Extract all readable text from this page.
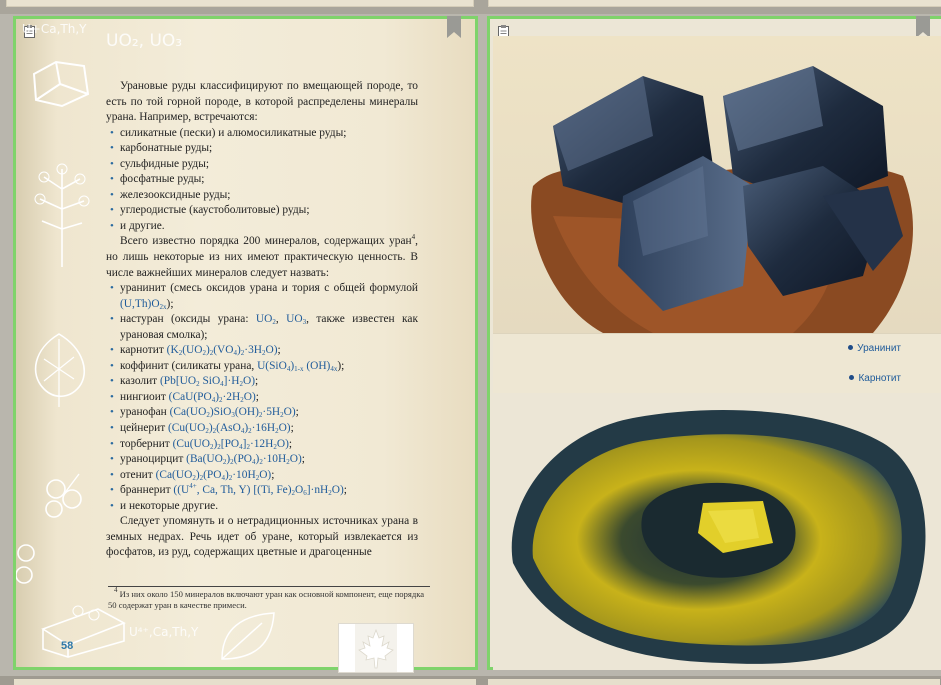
U+Ca,Th,Y
UO₂, UO₃
U⁴⁺,Ca,Th,Y

Урановые руды классифицируют по вмещающей породе, то есть по той горной породе, в которой распределены минералы урана. Например, встречаются:

• силикатные (пески) и алюмосиликатные руды;
• карбонатные руды;
• сульфидные руды;
• фосфатные руды;
• железооксидные руды;
• углеродистые (каустоболитовые) руды;
• и другие.

Всего известно порядка 200 минералов, содержащих уран$^4$, но лишь некоторые из них имеют практическую ценность. В числе важнейших минералов следует назвать:

• уранинит (смесь оксидов урана и тория с общей формулой $(U,Th)O_{2x}$);
• настуран (оксиды урана: $UO_2$, $UO_3$, также известен как урановая смолка);
• карнотит $(K_2(UO_2)_2(VO_4)_2\cdot 3H_2O)$;
• коффинит (силикаты урана, $U(SiO_4)_{1-x}$ $(OH)_{4x}$);
• казолит ($Pb[UO_2$ $SiO_4]\cdot H_2O$);
• нингиоит $(CaU(PO_4)_2\cdot 2H_2O)$;
• уранофан $(Ca(UO_2)SiO_3(OH)_2\cdot 5H_2O)$;
• цейнерит $(Cu(UO_2)_2(AsO_4)_2\cdot 16H_2O)$;
• торбернит $(Cu(UO_2)_2[PO_4]_2\cdot 12H_2O)$;
• ураноцирцит $(Ba(UO_2)_2(PO_4)_2\cdot 10H_2O)$;
• отенит $(Ca(UO_2)_2(PO_4)_2\cdot 10H_2O)$;
• браннерит (($U^{4+}$, Ca, Th, Y) [(Ti, $Fe)_2O_6]\cdot nH_2O$);
• и некоторые другие.

Следует упомянуть и о нетрадиционных источниках урана в земных недрах. Речь идет об уране, который извлекается из фосфатов, из руд, содержащих цветные и драгоценные

$^4$ Из них около 150 минералов включают уран как основной компонент, еще порядка 50 содержат уран в качестве примеси.
58
Уранинит
Карнотит
